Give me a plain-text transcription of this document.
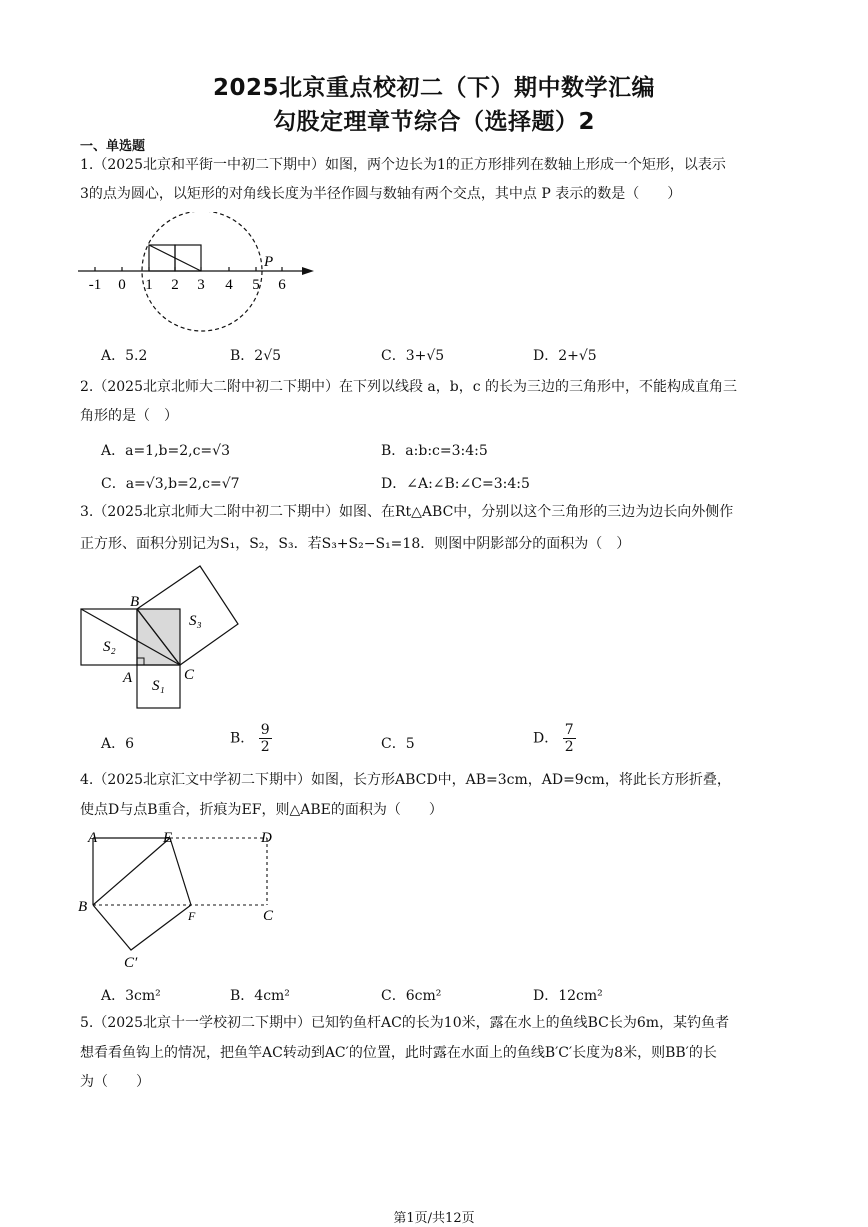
2025北京重点校初二（下）期中数学汇编
勾股定理章节综合（选择题）2
一、单选题
1.（2025北京和平街一中初二下期中）如图，两个边长为1的正方形排列在数轴上形成一个矩形，以表示
3的点为圆心，以矩形的对角线长度为半径作圆与数轴有两个交点，其中点 P 表示的数是（　　）
-1 0 1 2 3 4 5 6
P
A．5.2	B．2√5	C．3+√5	D．2+√5
2.（2025北京北师大二附中初二下期中）在下列以线段 a，b，c 的长为三边的三角形中，不能构成直角三
角形的是（　）
A．a=1,b=2,c=√3	B．a:b:c=3:4:5
C．a=√3,b=2,c=√7	D．∠A:∠B:∠C=3:4:5
3.（2025北京北师大二附中初二下期中）如图、在Rt△ABC中，分别以这个三角形的三边为边长向外侧作
正方形、面积分别记为S₁，S₂，S₃．若S₃+S₂−S₁=18．则图中阴影部分的面积为（　）
B
S₃
S₂
A	C
S₁
A．6	B． $\frac{9}{2}$	C．5	D． $\frac{7}{2}$
4.（2025北京汇文中学初二下期中）如图，长方形ABCD中，AB=3cm，AD=9cm，将此长方形折叠，
使点D与点B重合，折痕为EF，则△ABE的面积为（　　）
A	E	D
B
F	C
C′
A．3cm²	B．4cm²	C．6cm²	D．12cm²
5.（2025北京十一学校初二下期中）已知钓鱼杆AC的长为10米，露在水上的鱼线BC长为6m，某钓鱼者
想看看鱼钩上的情况，把鱼竿AC转动到AC′的位置，此时露在水面上的鱼线B′C′长度为8米，则BB′的长
为（　　）
第1页/共12页
